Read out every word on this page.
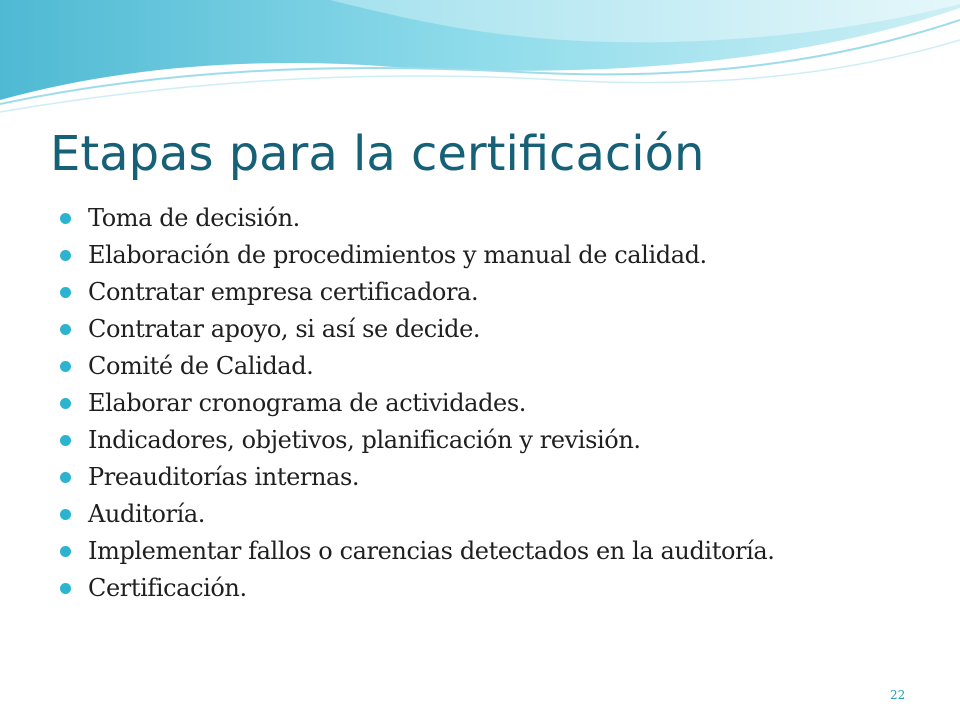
Etapas para la certificación
Toma de decisión.
Elaboración de procedimientos y manual de calidad.
Contratar empresa certificadora.
Contratar apoyo, si así se decide.
Comité de Calidad.
Elaborar cronograma de actividades.
Indicadores, objetivos, planificación y revisión.
Preauditorías internas.
Auditoría.
Implementar fallos o carencias detectados en la auditoría.
Certificación.
22
